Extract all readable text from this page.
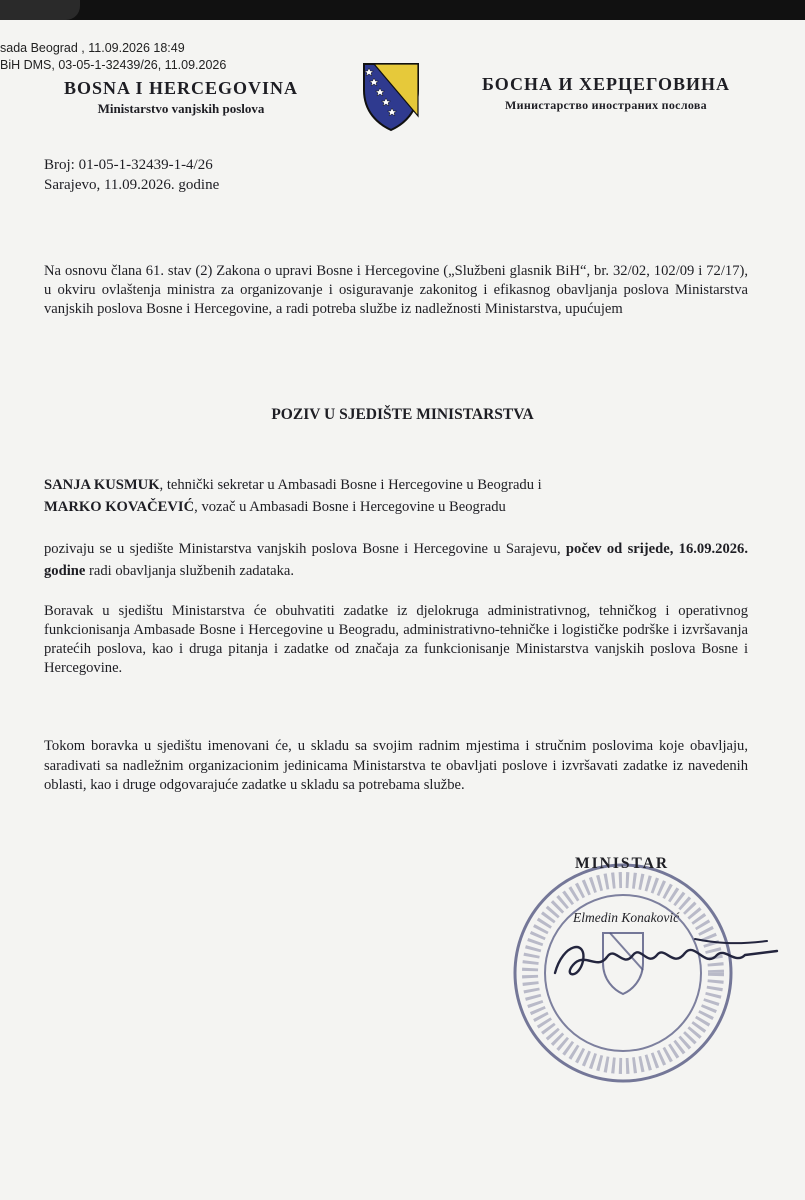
sada Beograd , 11.09.2026 18:49
BiH DMS, 03-05-1-32439/26, 11.09.2026
BOSNA I HERCEGOVINA
Ministarstvo vanjskih poslova
БОСНА И ХЕРЦЕГОВИНА
Министарство иностраних послова
Broj: 01-05-1-32439-1-4/26
Sarajevo, 11.09.2026. godine
Na osnovu člana 61. stav (2) Zakona o upravi Bosne i Hercegovine („Službeni glasnik BiH“, br. 32/02, 102/09 i 72/17), u okviru ovlaštenja ministra za organizovanje i osiguravanje zakonitog i efikasnog obavljanja poslova Ministarstva vanjskih poslova Bosne i Hercegovine, a radi potreba službe iz nadležnosti Ministarstva, upućujem
POZIV U SJEDIŠTE MINISTARSTVA
SANJA KUSMUK, tehnički sekretar u Ambasadi Bosne i Hercegovine u Beogradu i
MARKO KOVAČEVIĆ, vozač u Ambasadi Bosne i Hercegovine u Beogradu
pozivaju se u sjedište Ministarstva vanjskih poslova Bosne i Hercegovine u Sarajevu, počev od srijede, 16.09.2026. godine radi obavljanja službenih zadataka.
Boravak u sjedištu Ministarstva će obuhvatiti zadatke iz djelokruga administrativnog, tehničkog i operativnog funkcionisanja Ambasade Bosne i Hercegovine u Beogradu, administrativno-tehničke i logističke podrške i izvršavanja pratećih poslova, kao i druga pitanja i zadatke od značaja za funkcionisanje Ministarstva vanjskih poslova Bosne i Hercegovine.
Tokom boravka u sjedištu imenovani će, u skladu sa svojim radnim mjestima i stručnim poslovima koje obavljaju, saradivati sa nadležnim organizacionim jedinicama Ministarstva te obavljati poslove i izvršavati zadatke iz navedenih oblasti, kao i druge odgovarajuće zadatke u skladu sa potrebama službe.
MINISTAR
Elmedin Konaković
